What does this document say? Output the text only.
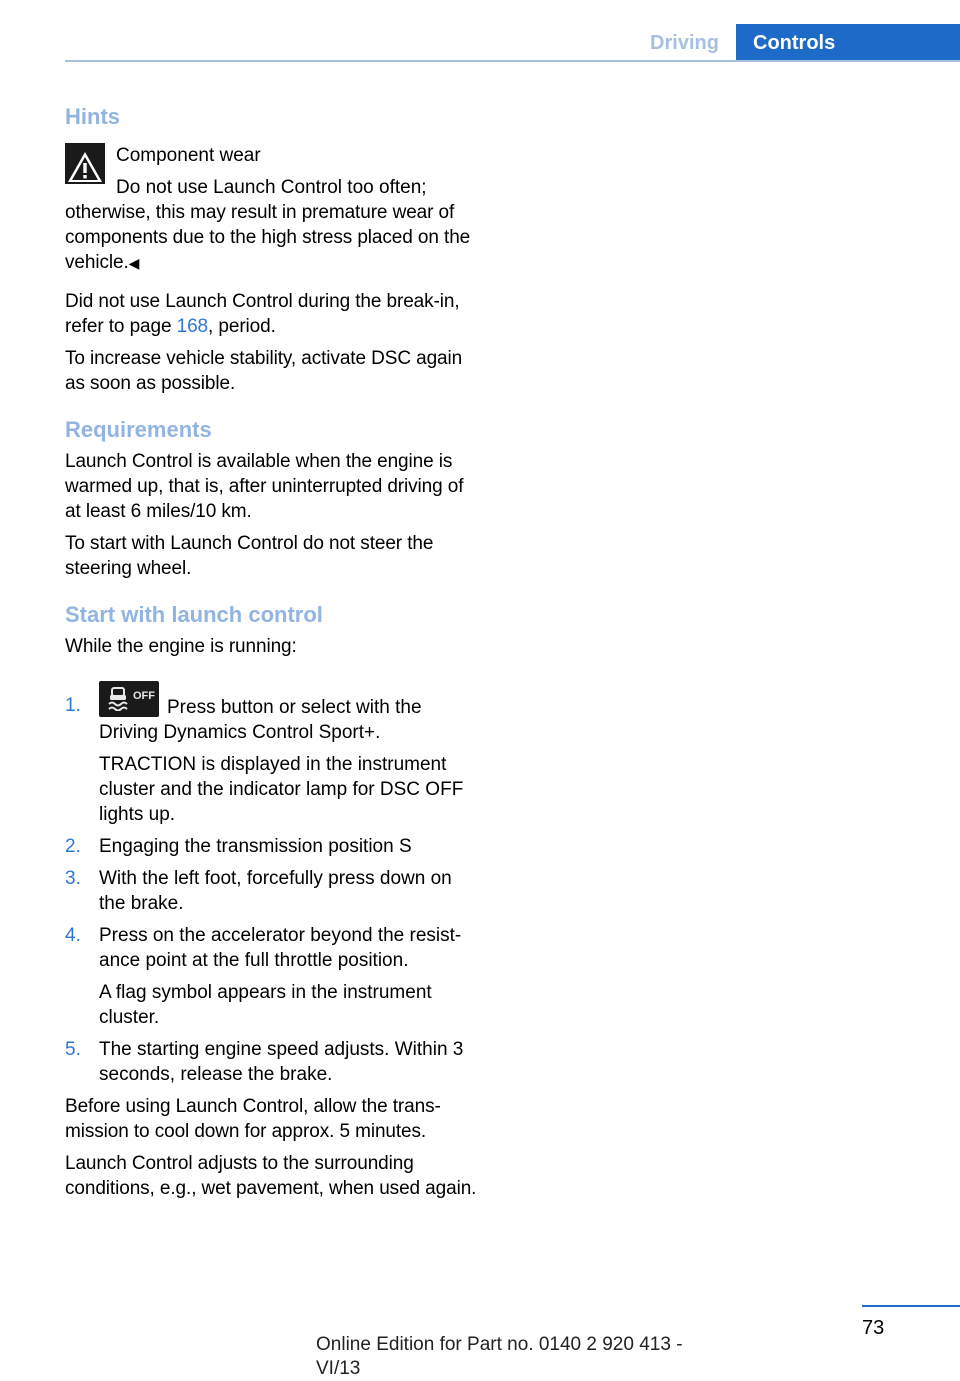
Driving	Controls
Hints
Component wear
Do not use Launch Control too often;

otherwise, this may result in premature wear of components due to the high stress placed on the vehicle.◀

Did not use Launch Control during the break-in, refer to page 168, period.

To increase vehicle stability, activate DSC again as soon as possible.

Requirements

Launch Control is available when the engine is warmed up, that is, after uninterrupted driving of at least 6 miles/10 km.

To start with Launch Control do not steer the steering wheel.

Start with launch control

While the engine is running:

1.	OFF
Press button or select with the Driving Dynamics Control Sport+.

TRACTION is displayed in the instrument cluster and the indicator lamp for DSC OFF lights up.

2. Engaging the transmission position S

3. With the left foot, forcefully press down on the brake.

4. Press on the accelerator beyond the resist-ance point at the full throttle position.

A flag symbol appears in the instrument cluster.

5. The starting engine speed adjusts. Within 3 seconds, release the brake.

Before using Launch Control, allow the trans-mission to cool down for approx. 5 minutes.

Launch Control adjusts to the surrounding conditions, e.g., wet pavement, when used again.

73
Online Edition for Part no. 0140 2 920 413 - VI/13
